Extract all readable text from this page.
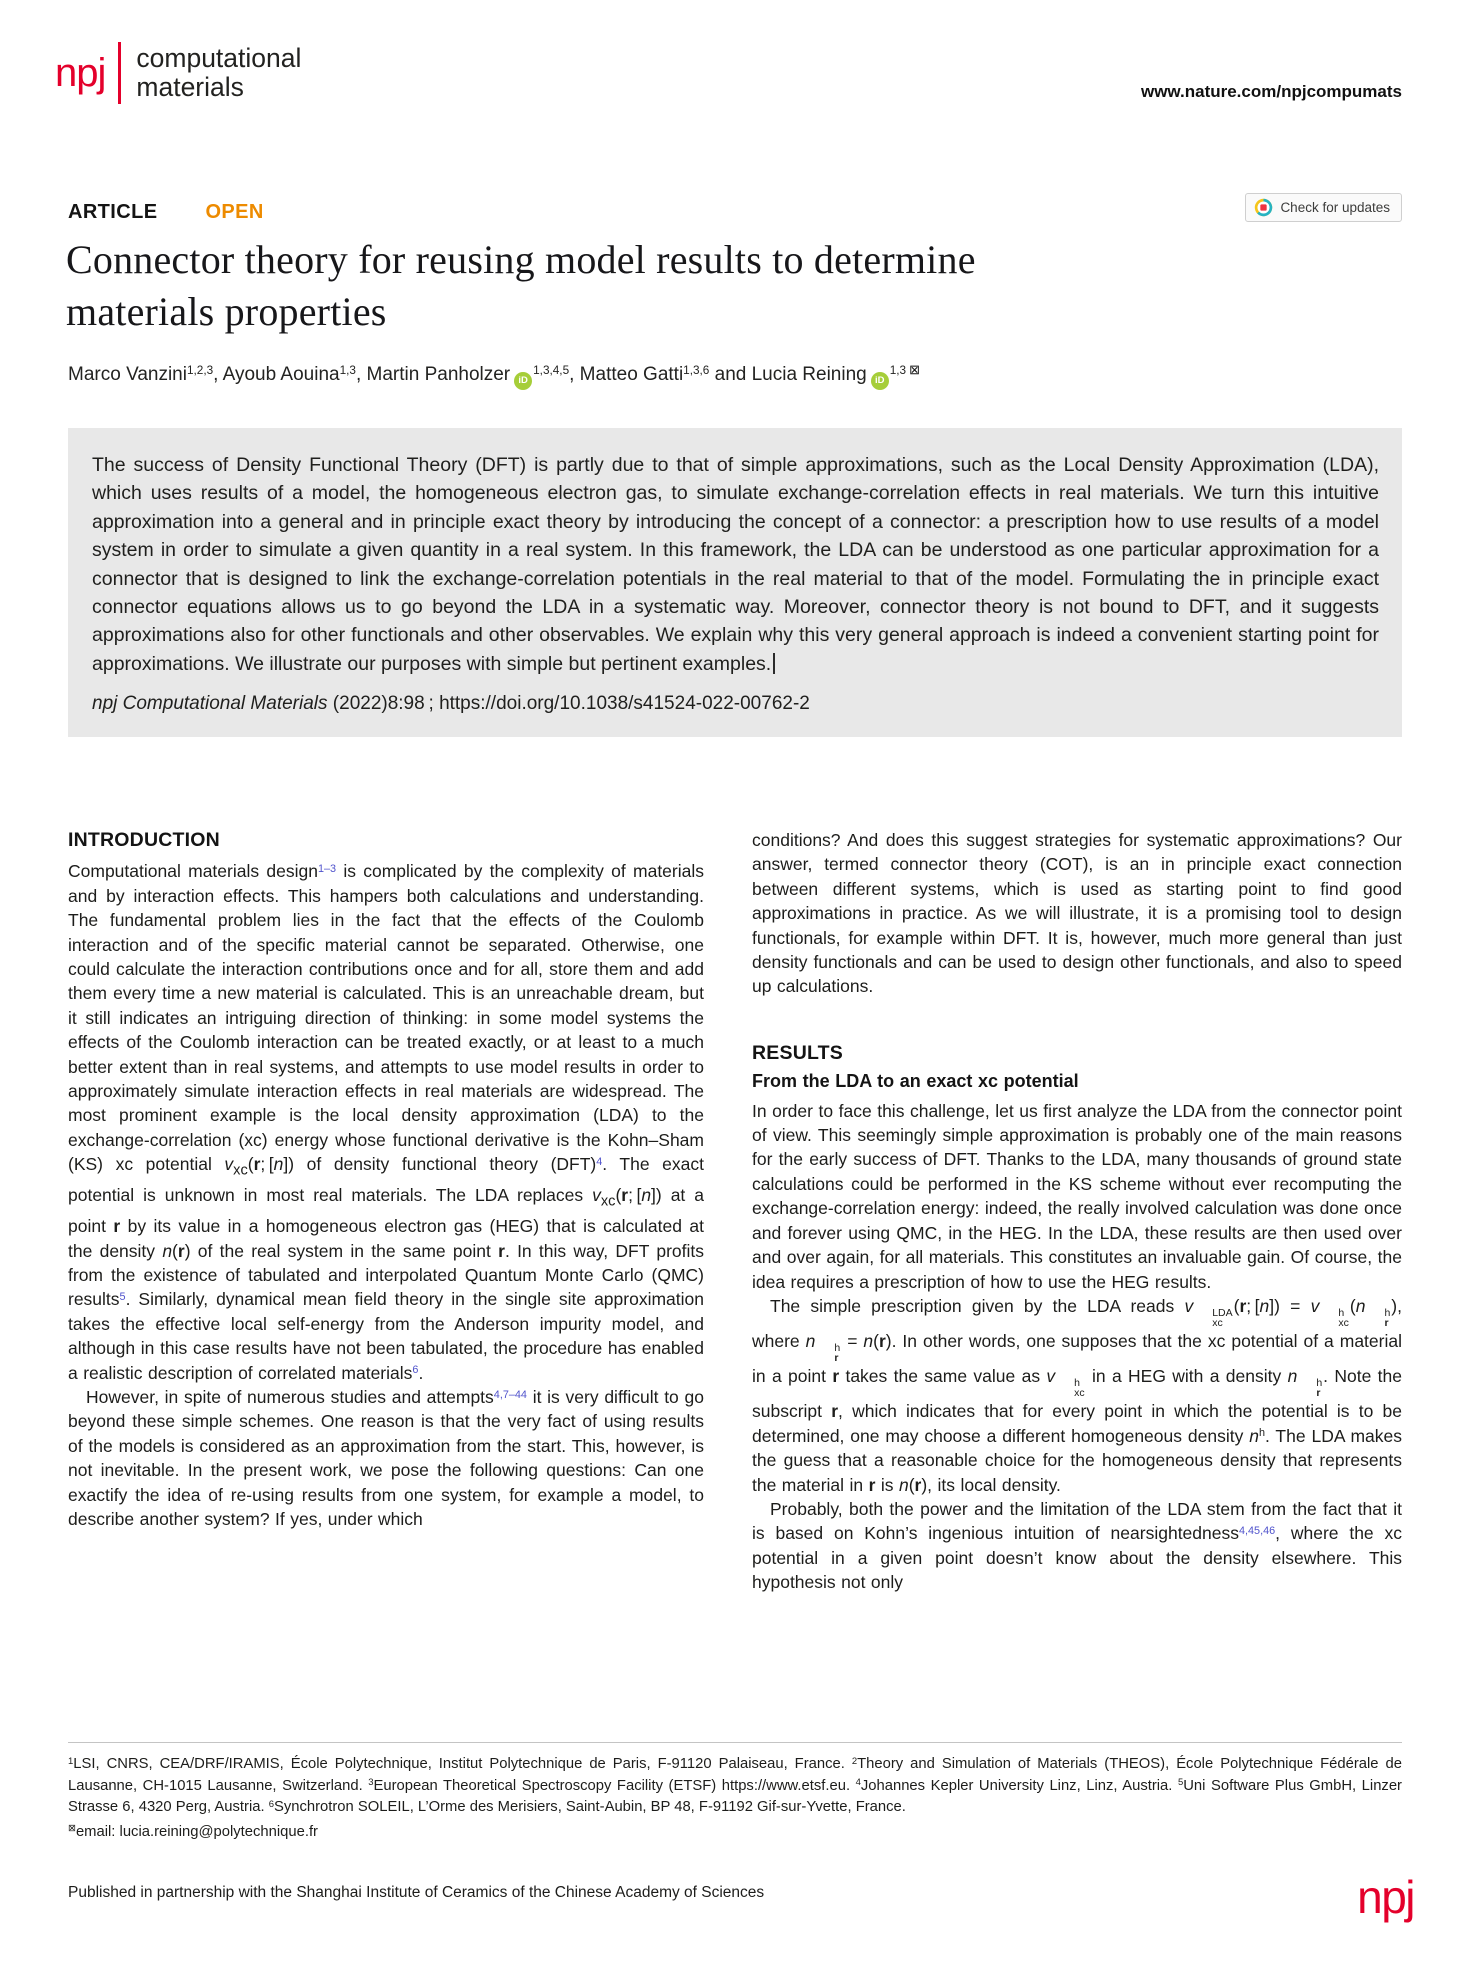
npj computational
materials	www.nature.com/npjcompumats
ARTICLE OPEN	Check for updates
Connector theory for reusing model results to determine
materials properties
Marco Vanzini$^{1,2,3}$, Ayoub Aouina$^{1,3}$, Martin Panholzer iD$^{1,3,4,5}$, Matteo Gatti$^{1,3,6}$ and Lucia Reining iD$^{1,3}$ ⊠

The success of Density Functional Theory (DFT) is partly due to that of simple approximations, such as the Local Density Approximation (LDA), which uses results of a model, the homogeneous electron gas, to simulate exchange-correlation effects in real materials. We turn this intuitive approximation into a general and in principle exact theory by introducing the concept of a connector: a prescription how to use results of a model system in order to simulate a given quantity in a real system. In this framework, the LDA can be understood as one particular approximation for a connector that is designed to link the exchange-correlation potentials in the real material to that of the model. Formulating the in principle exact connector equations allows us to go beyond the LDA in a systematic way. Moreover, connector theory is not bound to DFT, and it suggests approximations also for other functionals and other observables. We explain why this very general approach is indeed a convenient starting point for approximations. We illustrate our purposes with simple but pertinent examples.

npj Computational Materials (2022)8:98 ; https://doi.org/10.1038/s41524-022-00762-2

INTRODUCTION

Computational materials design$^{1-3}$ is complicated by the complexity of materials and by interaction effects. This hampers both calculations and understanding. The fundamental problem lies in the fact that the effects of the Coulomb interaction and of the specific material cannot be separated. Otherwise, one could calculate the interaction contributions once and for all, store them and add them every time a new material is calculated. This is an unreachable dream, but it still indicates an intriguing direction of thinking: in some model systems the effects of the Coulomb interaction can be treated exactly, or at least to a much better extent than in real systems, and attempts to use model results in order to approximately simulate interaction effects in real materials are widespread. The most prominent example is the local density approximation (LDA) to the exchange-correlation (xc) energy whose functional derivative is the Kohn–Sham (KS) xc potential $v_{xc}(r$; [n]) of density functional theory (DFT)$^4$. The exact potential is unknown in most real materials. The LDA replaces $v_{xc}(r$; [n]) at a point r by its value in a homogeneous electron gas (HEG) that is calculated at the density n(r) of the real system in the same point r. In this way, DFT profits from the existence of tabulated and interpolated Quantum Monte Carlo (QMC) results$^5$. Similarly, dynamical mean field theory in the single site approximation takes the effective local self-energy from the Anderson impurity model, and although in this case results have not been tabulated, the procedure has enabled a realistic description of correlated materials$^6$.

However, in spite of numerous studies and attempts$^{4,7-44}$ it is very difficult to go beyond these simple schemes. One reason is that the very fact of using results of the models is considered as an approximation from the start. This, however, is not inevitable. In the present work, we pose the following questions: Can one exactify the idea of re-using results from one system, for example a model, to describe another system? If yes, under which

conditions? And does this suggest strategies for systematic approximations? Our answer, termed connector theory (COT), is an in principle exact connection between different systems, which is used as starting point to find good approximations in practice. As we will illustrate, it is a promising tool to design functionals, for example within DFT. It is, however, much more general than just density functionals and can be used to design other functionals, and also to speed up calculations.

RESULTS
From the LDA to an exact xc potential

In order to face this challenge, let us first analyze the LDA from the connector point of view. This seemingly simple approximation is probably one of the main reasons for the early success of DFT. Thanks to the LDA, many thousands of ground state calculations could be performed in the KS scheme without ever recomputing the exchange-correlation energy: indeed, the really involved calculation was done once and forever using QMC, in the HEG. In the LDA, these results are then used over and over again, for all materials. This constitutes an invaluable gain. Of course, the idea requires a prescription of how to use the HEG results.

The simple prescription given by the LDA reads v	LDA
xc
(r; [n]) = v	h
xc
(n	h
r
), where n	h
r
= n(r). In other words, one supposes that the xc potential of a material in a point r takes the same value as v	h
xc
in a HEG with a density n	h
r
. Note the subscript r, which indicates that for every point in which the potential is to be determined, one may choose a different homogeneous density $n^h$. The LDA makes the guess that a reasonable choice for the homogeneous density that represents the material in r is n(r), its local density.

Probably, both the power and the limitation of the LDA stem from the fact that it is based on Kohn’s ingenious intuition of nearsightedness$^{4,45,46}$, where the xc potential in a given point doesn’t know about the density elsewhere. This hypothesis not only

$^1$LSI, CNRS, CEA/DRF/IRAMIS, École Polytechnique, Institut Polytechnique de Paris, F-91120 Palaiseau, France. $^2$Theory and Simulation of Materials (THEOS), École Polytechnique Fédérale de Lausanne, CH-1015 Lausanne, Switzerland. $^3$European Theoretical Spectroscopy Facility (ETSF) https://www.etsf.eu. $^4$Johannes Kepler University Linz, Linz, Austria. $^5$Uni Software Plus GmbH, Linzer Strasse 6, 4320 Perg, Austria. $^6$Synchrotron SOLEIL, L’Orme des Merisiers, Saint-Aubin, BP 48, F-91192 Gif-sur-Yvette, France.

⊠email: lucia.reining@polytechnique.fr

Published in partnership with the Shanghai Institute of Ceramics of the Chinese Academy of Sciences	npj
